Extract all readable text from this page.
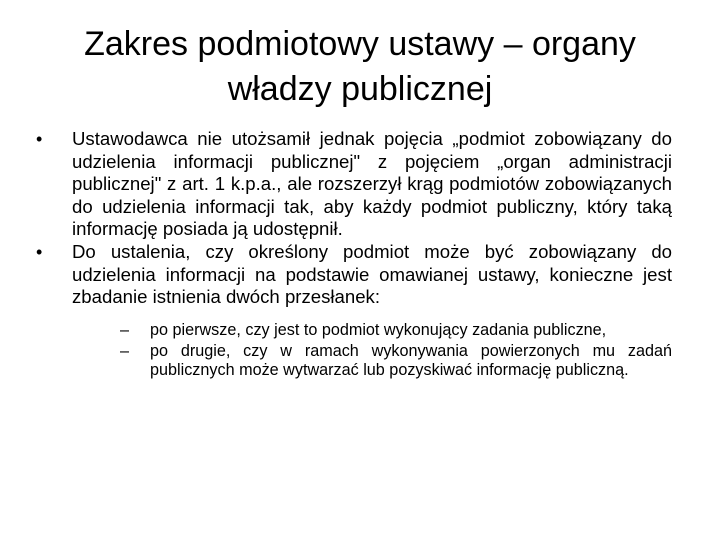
Zakres podmiotowy ustawy – organy władzy publicznej
• Ustawodawca nie utożsamił jednak pojęcia „podmiot zobowiązany do udzielenia informacji publicznej" z pojęciem „organ administracji publicznej" z art. 1 k.p.a., ale rozszerzył krąg podmiotów zobowiązanych do udzielenia informacji tak, aby każdy podmiot publiczny, który taką informację posiada ją udostępnił.
• Do ustalenia, czy określony podmiot może być zobowiązany do udzielenia informacji na podstawie omawianej ustawy, konieczne jest zbadanie istnienia dwóch przesłanek:
– po pierwsze, czy jest to podmiot wykonujący zadania publiczne,
– po drugie, czy w ramach wykonywania powierzonych mu zadań publicznych może wytwarzać lub pozyskiwać informację publiczną.
